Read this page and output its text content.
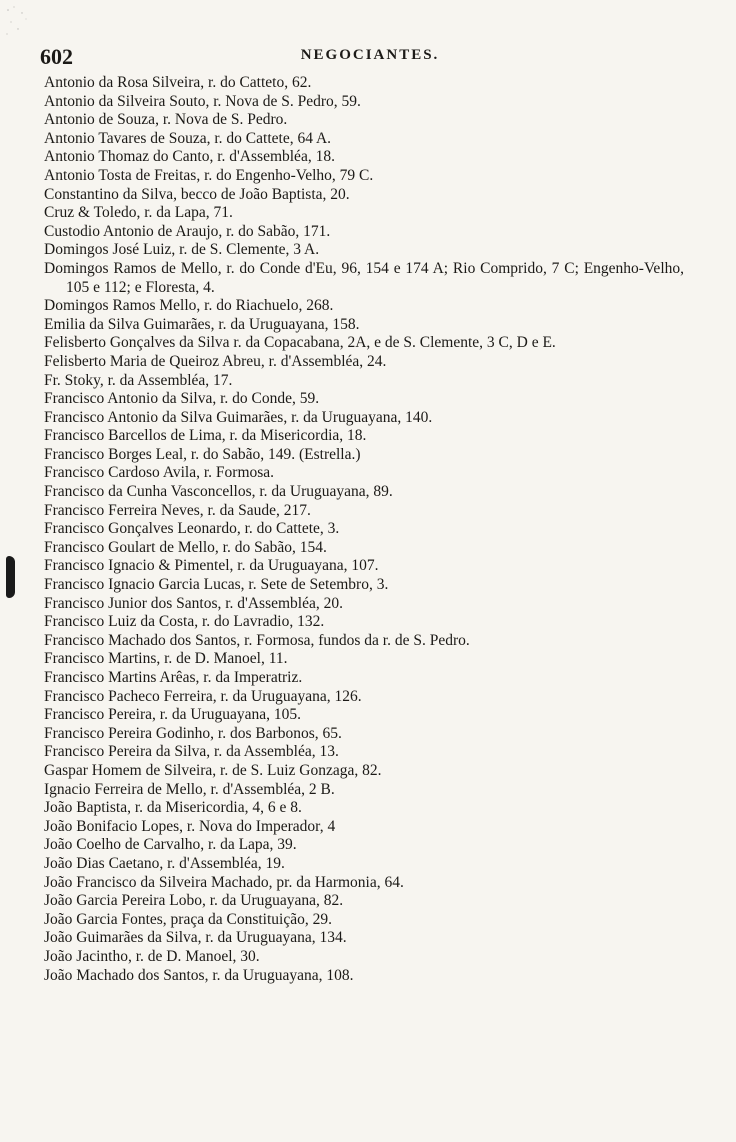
602	NEGOCIANTES.
Antonio da Rosa Silveira, r. do Catteto, 62.
Antonio da Silveira Souto, r. Nova de S. Pedro, 59.
Antonio de Souza, r. Nova de S. Pedro.
Antonio Tavares de Souza, r. do Cattete, 64 A.
Antonio Thomaz do Canto, r. d'Assembléa, 18.
Antonio Tosta de Freitas, r. do Engenho-Velho, 79 C.
Constantino da Silva, becco de João Baptista, 20.
Cruz & Toledo, r. da Lapa, 71.
Custodio Antonio de Araujo, r. do Sabão, 171.
Domingos José Luiz, r. de S. Clemente, 3 A.
Domingos Ramos de Mello, r. do Conde d'Eu, 96, 154 e 174 A; Rio Comprido, 7 C; Engenho-Velho, 105 e 112; e Floresta, 4.
Domingos Ramos Mello, r. do Riachuelo, 268.
Emilia da Silva Guimarães, r. da Uruguayana, 158.
Felisberto Gonçalves da Silva r. da Copacabana, 2A, e de S. Clemente, 3 C, D e E.
Felisberto Maria de Queiroz Abreu, r. d'Assembléa, 24.
Fr. Stoky, r. da Assembléa, 17.
Francisco Antonio da Silva, r. do Conde, 59.
Francisco Antonio da Silva Guimarães, r. da Uruguayana, 140.
Francisco Barcellos de Lima, r. da Misericordia, 18.
Francisco Borges Leal, r. do Sabão, 149. (Estrella.)
Francisco Cardoso Avila, r. Formosa.
Francisco da Cunha Vasconcellos, r. da Uruguayana, 89.
Francisco Ferreira Neves, r. da Saude, 217.
Francisco Gonçalves Leonardo, r. do Cattete, 3.
Francisco Goulart de Mello, r. do Sabão, 154.
Francisco Ignacio & Pimentel, r. da Uruguayana, 107.
Francisco Ignacio Garcia Lucas, r. Sete de Setembro, 3.
Francisco Junior dos Santos, r. d'Assembléa, 20.
Francisco Luiz da Costa, r. do Lavradio, 132.
Francisco Machado dos Santos, r. Formosa, fundos da r. de S. Pedro.
Francisco Martins, r. de D. Manoel, 11.
Francisco Martins Arêas, r. da Imperatriz.
Francisco Pacheco Ferreira, r. da Uruguayana, 126.
Francisco Pereira, r. da Uruguayana, 105.
Francisco Pereira Godinho, r. dos Barbonos, 65.
Francisco Pereira da Silva, r. da Assembléa, 13.
Gaspar Homem de Silveira, r. de S. Luiz Gonzaga, 82.
Ignacio Ferreira de Mello, r. d'Assembléa, 2 B.
João Baptista, r. da Misericordia, 4, 6 e 8.
João Bonifacio Lopes, r. Nova do Imperador, 4
João Coelho de Carvalho, r. da Lapa, 39.
João Dias Caetano, r. d'Assembléa, 19.
João Francisco da Silveira Machado, pr. da Harmonia, 64.
João Garcia Pereira Lobo, r. da Uruguayana, 82.
João Garcia Fontes, praça da Constituição, 29.
João Guimarães da Silva, r. da Uruguayana, 134.
João Jacintho, r. de D. Manoel, 30.
João Machado dos Santos, r. da Uruguayana, 108.
